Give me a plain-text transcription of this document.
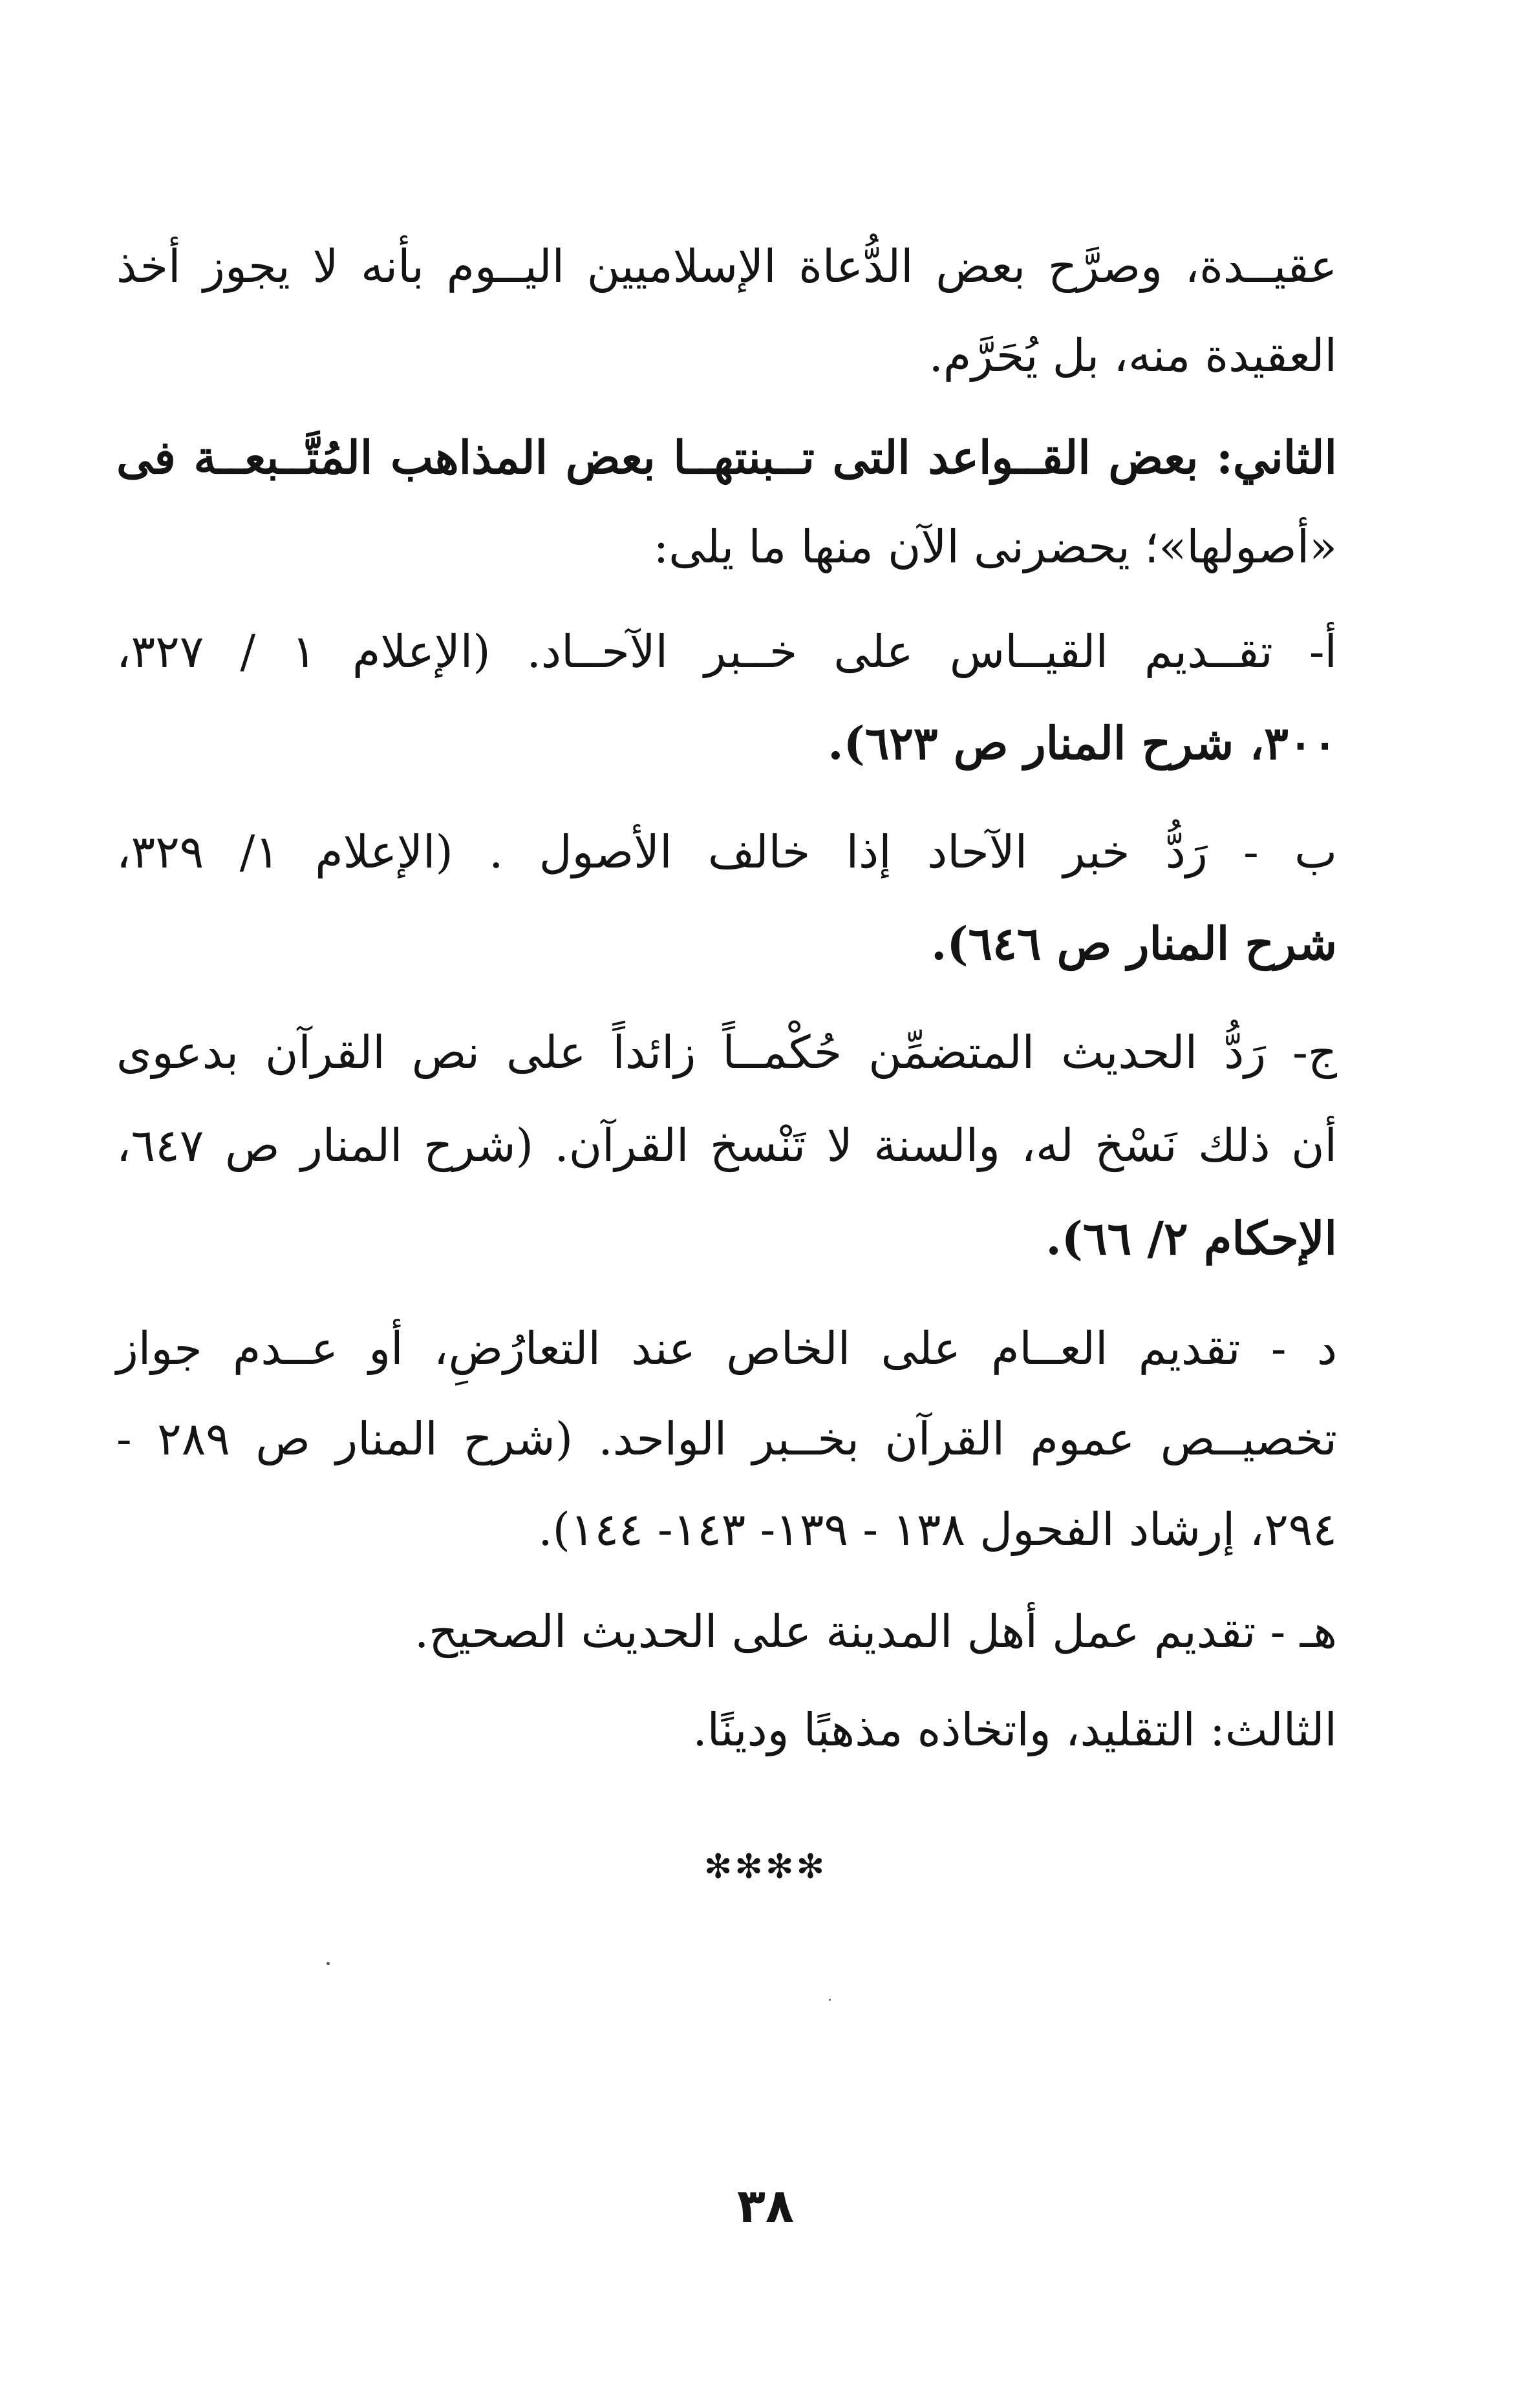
عقيــدة، وصرَّح بعض الدُّعاة الإسلاميين اليــوم بأنه لا يجوز أخذ
العقيدة منه، بل يُحَرَّم.
الثاني: بعض القــواعد التى تــبنتهــا بعض المذاهب المُتَّــبعــة فى
«أصولها»؛ يحضرنى الآن منها ما يلى:
أ- تقــديم القيــاس على خــبر الآحــاد. (الإعلام ١ / ٣٢٧،
٣٠٠، شرح المنار ص ٦٢٣).
ب - رَدُّ خبر الآحاد إذا خالف الأصول . (الإعلام ١/ ٣٢٩،
شرح المنار ص ٦٤٦).
ج- رَدُّ الحديث المتضمِّن حُكْمــاً زائداً على نص القرآن بدعوى
أن ذلك نَسْخ له، والسنة لا تَنْسخ القرآن. (شرح المنار ص ٦٤٧،
الإحكام ٢/ ٦٦).
د - تقديم العــام على الخاص عند التعارُضِ، أو عــدم جواز
تخصيــص عموم القرآن بخــبر الواحد. (شرح المنار ص ٢٨٩ -
٢٩٤، إرشاد الفحول ١٣٨ - ١٣٩- ١٤٣- ١٤٤).
هـ - تقديم عمل أهل المدينة على الحديث الصحيح.
الثالث: التقليد، واتخاذه مذهبًا ودينًا.
✻✻✻✻
٣٨
